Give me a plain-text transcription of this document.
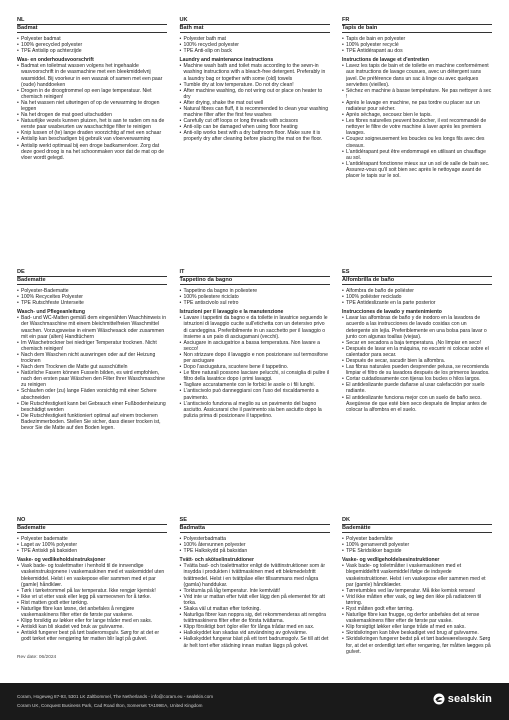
NL
Badmat
• Polyester badmat
• 100% gerecycled polyester
• TPE Antislip op achterzijde
Was- en onderhoudsvoorschrift
• Badmat en toiletmat wassen volgens het ingehaalde wasvoorschrift in de wasmachine met een bleekmiddelvrij wasmiddel. Bij voorkeur in een waszak of samen met een paar (oude) handdoeken
• Drogen in de droogtrommel op een lage temperatuur. Niet chemisch reinigen!
• Na het wassen niet uitwringen of op de verwarming te drogen leggen
• Na het drogen de mat goed uitschudden
• Natuurlijke vezels kunnen pluizen, het is aan te raden om na de eerste paar wasbeurten uw waschachtige filter te reinigen
• Knip lussen of (te) lange draden voorzichtig af met een schaar
• Antislip kan beschadigen bij gebruik van vloerverwarming
• Antislip werkt optimaal bij een droge badkamervloer. Zorg dat deze goed droog is na het schoonmaken voor dat de mat op de vloer wordt gelegd.
UK
Bath mat
• Polyester bath mat
• 100% recycled polyester
• TPE Anti-slip on back
Laundry and maintenance instructions
• Machine wash bath and toilet mats according to the sewn-in washing instructions with a bleach-free detergent. Preferably in a laundry bag or together with some (old) towels
• Tumble dry at low temperature. Do not dry clean!
• After machine washing, do not wring out or place on heater to dry
• After drying, shake the mat out well
• Natural fibres can fluff, it is recommended to clean your washing machine filter after the first few washes
• Carefully cut off loops or long threads with scissors
• Anti-slip can be damaged when using floor heating
• Anti-slip works best with a dry bathroom floor. Make sure it is properly dry after cleaning before placing the mat on the floor.
FR
Tapis de bain
• Tapis de bain en polyester
• 100% polyester recyclé
• TPE Antidérapant au dos
Instructions de lavage et d'entretien
• Lavez les tapis de bain et de toilette en machine conformément aux instructions de lavage cousues, avec un détergent sans javel. De préférence dans un sac à linge ou avec quelques serviettes (vieilles).
• Séchez en machine à basse température. Ne pas nettoyer à sec !
• Après le lavage en machine, ne pas tordre ou placer sur un radiateur pour sécher.
• Après séchage, secouez bien le tapis.
• Les fibres naturelles peuvent boulocher, il est recommandé de nettoyer le filtre de votre machine à laver après les premiers lavages.
• Coupez soigneusement les boucles ou les longs fils avec des ciseaux.
• L'antidérapant peut être endommagé en utilisant un chauffage au sol.
• L'antidérapant fonctionne mieux sur un sol de salle de bain sec. Assurez-vous qu'il soit bien sec après le nettoyage avant de placer le tapis sur le sol.
DE
Badematte
• Polyester-Badematte
• 100% Recyceltes Polyester
• TPE Rutschfeste Unterseite
Wasch- und Pflegeanleitung
• Bad- und WC-Matten gemäß dem eingenähten Waschhinweis in der Waschmaschine mit einem bleichmittelfreien Waschmittel waschen. Vorzugsweise in einem Wäschesack oder zusammen mit ein paar (alten) Handtüchern
• Im Wäschetrockner bei niedriger Temperatur trocknen. Nicht chemisch reinigen!
• Nach dem Waschen nicht auswringen oder auf der Heizung trocknen
• Nach dem Trocknen die Matte gut ausschütteln
• Natürliche Fasern können Fusseln bilden, es wird empfohlen, nach den ersten paar Wäschen den Filter Ihrer Waschmaschine zu reinigen
• Schlaufen oder (zu) lange Fäden vorsichtig mit einer Schere abschneiden
• Die Rutschfestigkeit kann bei Gebrauch einer Fußbodenheizung beschädigt werden
• Die Rutschfestigkeit funktioniert optimal auf einem trockenen Badezimmerboden. Stellen Sie sicher, dass dieser trocken ist, bevor Sie die Matte auf den Boden legen.
IT
Tappetino da bagno
• Tappetino da bagno in poliestere
• 100% poliestere riciclato
• TPE antiscivolo sul retro
Istruzioni per il lavaggio e la manutenzione
• Lavare i tappetini da bagno e da toilette in lavatrice seguendo le istruzioni di lavaggio cucite sull'etichetta con un detersivo privo di candeggina. Preferibilmente in un sacchetto per il lavaggio o insieme a un paio di asciugamani (vecchi).
• Asciugare in asciugatrice a bassa temperatura. Non lavare a secco!
• Non strizzare dopo il lavaggio e non posizionare sul termosifone per asciugare
• Dopo l'asciugatura, scuotere bene il tappetino.
• Le fibre naturali possono lasciare pelucchi, si consiglia di pulire il filtro della lavatrice dopo i primi lavaggi.
• Tagliare accuratamente con le forbici le asole o i fili lunghi.
• L'antiscivolo può danneggiarsi con l'uso del riscaldamento a pavimento.
• L'antiscivolo funziona al meglio su un pavimento del bagno asciutto. Assicurarsi che il pavimento sia ben asciutto dopo la pulizia prima di posizionare il tappetino.
ES
Alfombrilla de baño
• Alfombra de baño de poliéster
• 100% poliéster reciclado
• TPE Antideslizante en la parte posterior
Instrucciones de lavado y mantenimiento
• Lavar las alfombras de baño y de inodoro en la lavadora de acuerdo a las instrucciones de lavado cosidas con un detergente sin lejía. Preferiblemente en una bolsa para lavar o junto con algunas toallas (viejas).
• Secar en secadora a baja temperatura. ¡No limpiar en seco!
• Después de lavar en la máquina, no escurrir ni colocar sobre el calentador para secar.
• Después de secar, sacudir bien la alfombra.
• Las fibras naturales pueden desprender pelusa, se recomienda limpiar el filtro de su lavadora después de los primeros lavados.
• Cortar cuidadosamente con tijeras los bucles o hilos largos.
• El antideslizante puede dañarse al usar calefacción por suelo radiante.
• El antideslizante funciona mejor con un suelo de baño seco. Asegúrese de que esté bien seco después de limpiar antes de colocar la alfombra en el suelo.
NO
Badematte
• Polyester badematte
• Laget av 100% polyester
• TPE Antiskli på baksiden
Vaske- og vedlikeholdsinstruksjoner
• Vask bade- og toalettmatter i henhold til de innvendige vaskeinstruksjonene i vaskemaskinen med et vaskemiddel uten blekemiddel. Helst i en vaskepose eller sammen med et par (gamle) håndklær.
• Tørk i tørketrommel på lav temperatur. Ikke rengjør kjemisk!
• Ikke vri ut etter vask eller legg på varmeovnen for å tørke.
• Rist matten godt etter tørking.
• Naturlige fibre kan løsne, det anbefales å rengjøre vaskemaskinens filter etter de første par vaskene.
• Klipp forsiktig av løkker eller for lange tråder med en saks.
• Antiskli kan bli skadet ved bruk av gulvvarme.
• Antiskli fungerer best på tørt baderomsgulv. Sørg for at det er godt tørket etter rengjøring før matten blir lagt på gulvet.
SE
Badmatta
• Polyesterbadmatta
• 100% återvunnen polyester
• TPE Halkskydd på baksidan
Tvätt- och skötselinstruktioner
• Tvätta bad- och toalettmattor enligt de tvättinstruktioner som är insydda i produkten i tvättmaskinen med ett blekmedelsfritt tvättmedel. Helst i en tvättpåse eller tillsammans med några (gamla) handdukar.
• Torktumla på låg temperatur. Inte kemtvätt!
• Vrid inte ur mattan efter tvätt eller lägg den på elementet för att torka.
• Skaka väl ut mattan efter torkning.
• Naturliga fibrer kan noppra sig, det rekommenderas att rengöra tvättmaskinens filter efter de första tvättarna.
• Klipp försiktigt bort öglor eller för långa trådar med en sax.
• Halkskyddet kan skadas vid användning av golvvärme.
• Halkskyddet fungerar bäst på ett torrt badrumsgolv. Se till att det är helt torrt efter städning innan mattan läggs på golvet.
DK
Bademåtte
• Polyester bademåtte
• 100% genanvendt polyester
• TPE Skridsikker bagside
Vaske- og vedligeholdelsesinstruktioner
• Vask bade- og toiletmåtter i vaskemaskinen med et blegemiddelfrit vaskemiddel ifølge de indsyede vaskeinstruktioner. Helst i en vaskepose eller sammen med et par (gamle) håndklæder.
• Tørretumbles ved lav temperatur. Må ikke kemisk renses!
• Vrid ikke måtten efter vask, og læg den ikke på radiatoren til tørring.
• Ryst måtten godt efter tørring.
• Naturlige fibre kan fnugge, og derfor anbefales det at rense vaskemaskinens filter efter de første par vaske.
• Klip forsigtigt løkker eller lange tråde af med en saks.
• Skridsikringen kan blive beskadiget ved brug af gulvvarme.
• Skridsikringen fungerer bedst på et tørt badeværelsesgulv. Sørg for, at det er ordentligt tørt efter rengøring, før måtten lægges på gulvet.
Rev date: 06/2024
Coram, Hogeweg 87-93, 5301 LK Zaltbommel, The Netherlands - info@coram.eu - sealskin.com
Coram UK, Conquest Business Park, Cad Road Ilton, Somerset TA199EA, United Kingdom
sealskin
